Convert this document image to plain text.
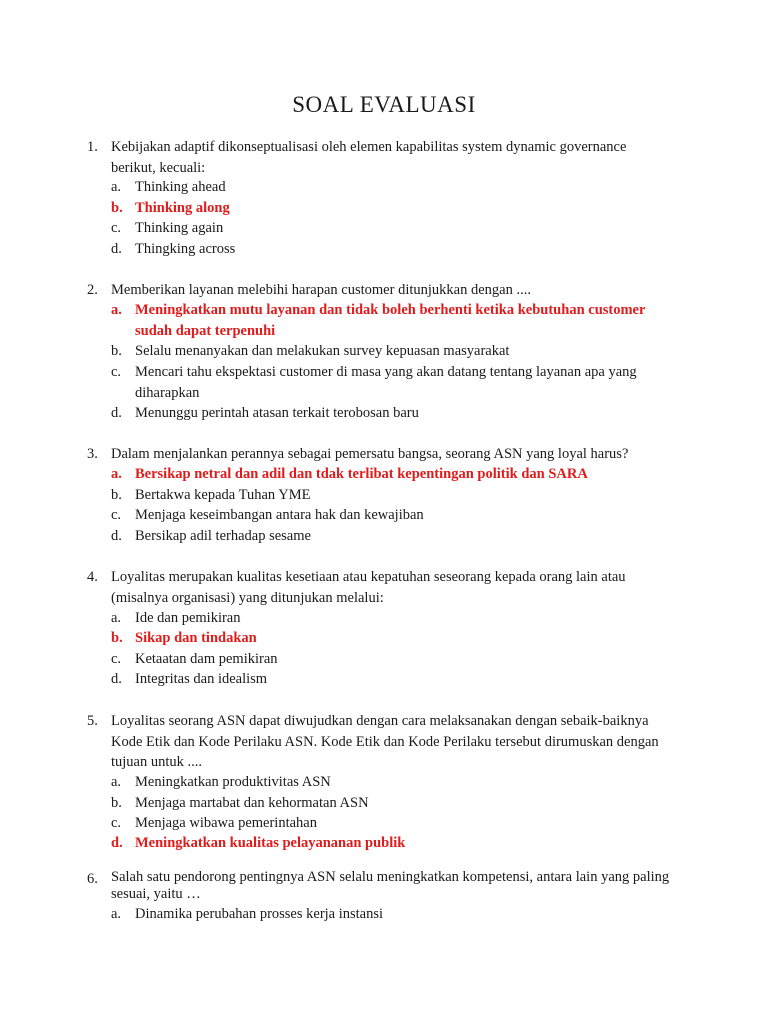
SOAL EVALUASI
1. Kebijakan adaptif dikonseptualisasi oleh elemen kapabilitas system dynamic governance berikut, kecuali:
a. Thinking ahead
b. Thinking along
c. Thinking again
d. Thingking across
2. Memberikan layanan melebihi harapan customer ditunjukkan dengan ....
a. Meningkatkan mutu layanan dan tidak boleh berhenti ketika kebutuhan customer sudah dapat terpenuhi
b. Selalu menanyakan dan melakukan survey kepuasan masyarakat
c. Mencari tahu ekspektasi customer di masa yang akan datang tentang layanan apa yang diharapkan
d. Menunggu perintah atasan terkait terobosan baru
3. Dalam menjalankan perannya sebagai pemersatu bangsa, seorang ASN yang loyal harus?
a. Bersikap netral dan adil dan tdak terlibat kepentingan politik dan SARA
b. Bertakwa kepada Tuhan YME
c. Menjaga keseimbangan antara hak dan kewajiban
d. Bersikap adil terhadap sesame
4. Loyalitas merupakan kualitas kesetiaan atau kepatuhan seseorang kepada orang lain atau (misalnya organisasi) yang ditunjukan melalui:
a. Ide dan pemikiran
b. Sikap dan tindakan
c. Ketaatan dam pemikiran
d. Integritas dan idealism
5. Loyalitas seorang ASN dapat diwujudkan dengan cara melaksanakan dengan sebaik-baiknya Kode Etik dan Kode Perilaku ASN. Kode Etik dan Kode Perilaku tersebut dirumuskan dengan tujuan untuk ....
a. Meningkatkan produktivitas ASN
b. Menjaga martabat dan kehormatan ASN
c. Menjaga wibawa pemerintahan
d. Meningkatkan kualitas pelayananan publik
6. Salah satu pendorong pentingnya ASN selalu meningkatkan kompetensi, antara lain yang paling sesuai, yaitu …
a. Dinamika perubahan prosses kerja instansi
